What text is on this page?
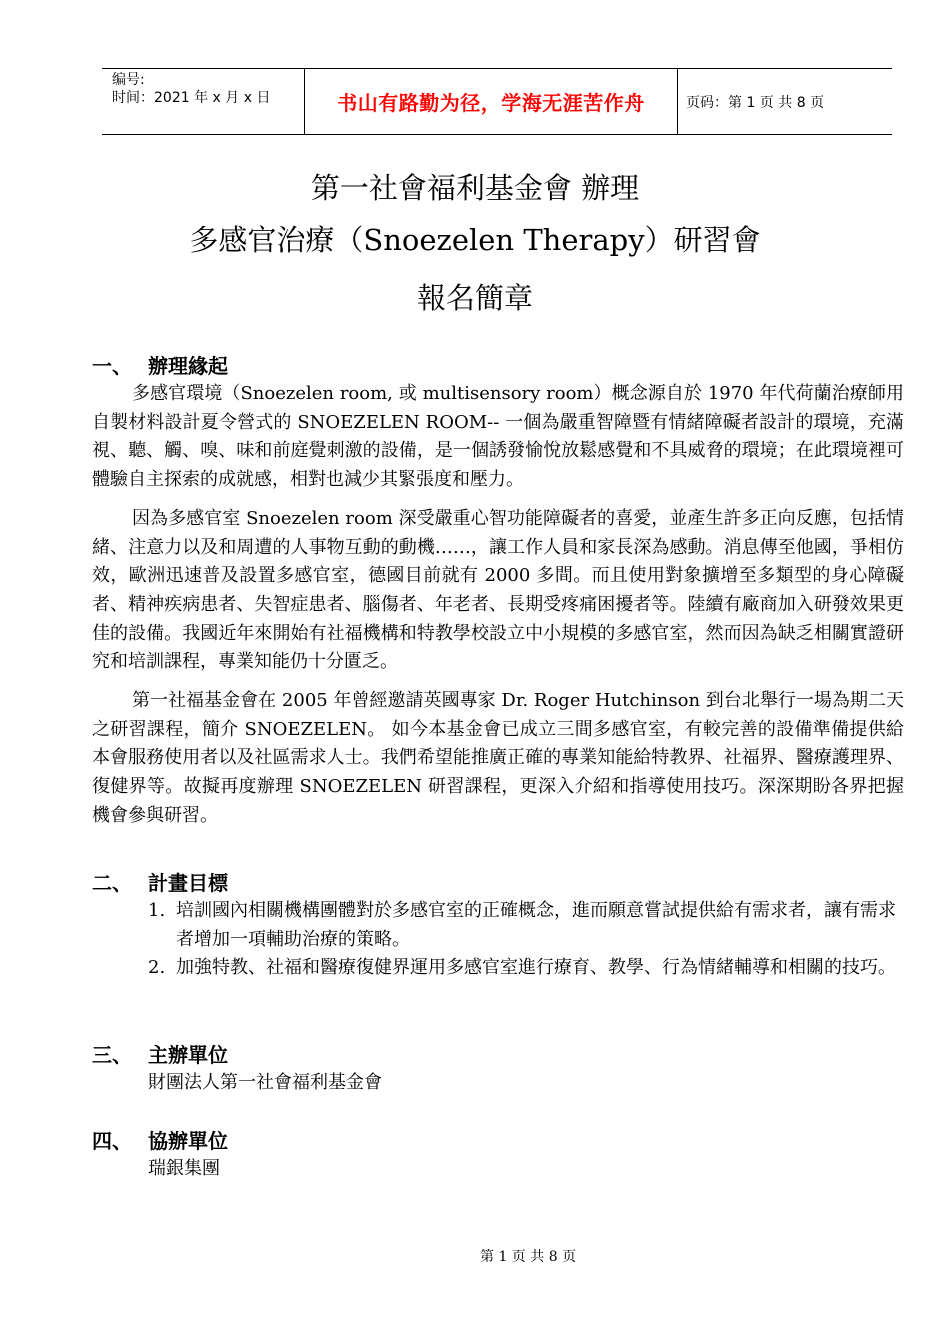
编号:
时间：2021 年 x 月 x 日	书山有路勤为径，学海无涯苦作舟	页码：第 1 页 共 8 页
第一社會福利基金會 辦理
多感官治療（Snoezelen Therapy）研習會
報名簡章
一、 辦理緣起

多感官環境（Snoezelen room, 或 multisensory room）概念源自於 1970 年代荷蘭治療師用自製材料設計夏令營式的 SNOEZELEN ROOM-- 一個為嚴重智障暨有情緒障礙者設計的環境，充滿視、聽、觸、嗅、味和前庭覺刺激的設備，是一個誘發愉悅放鬆感覺和不具威脅的環境；在此環境裡可體驗自主探索的成就感，相對也減少其緊張度和壓力。

因為多感官室 Snoezelen room 深受嚴重心智功能障礙者的喜愛，並產生許多正向反應，包括情緒、注意力以及和周遭的人事物互動的動機……，讓工作人員和家長深為感動。消息傳至他國，爭相仿效，歐洲迅速普及設置多感官室，德國目前就有 2000 多間。而且使用對象擴增至多類型的身心障礙者、精神疾病患者、失智症患者、腦傷者、年老者、長期受疼痛困擾者等。陸續有廠商加入研發效果更佳的設備。我國近年來開始有社福機構和特教學校設立中小規模的多感官室，然而因為缺乏相關實證研究和培訓課程，專業知能仍十分匱乏。

第一社福基金會在 2005 年曾經邀請英國專家 Dr. Roger Hutchinson 到台北舉行一場為期二天之研習課程，簡介 SNOEZELEN。 如今本基金會已成立三間多感官室，有較完善的設備準備提供給本會服務使用者以及社區需求人士。我們希望能推廣正確的專業知能給特教界、社福界、醫療護理界、復健界等。故擬再度辦理 SNOEZELEN 研習課程，更深入介紹和指導使用技巧。深深期盼各界把握機會參與研習。

二、 計畫目標
1. 培訓國內相關機構團體對於多感官室的正確概念，進而願意嘗試提供給有需求者，讓有需求者增加一項輔助治療的策略。
2. 加強特教、社福和醫療復健界運用多感官室進行療育、教學、行為情緒輔導和相關的技巧。
三、 主辦單位
財團法人第一社會福利基金會
四、 協辦單位
瑞銀集團
第 1 页 共 8 页
